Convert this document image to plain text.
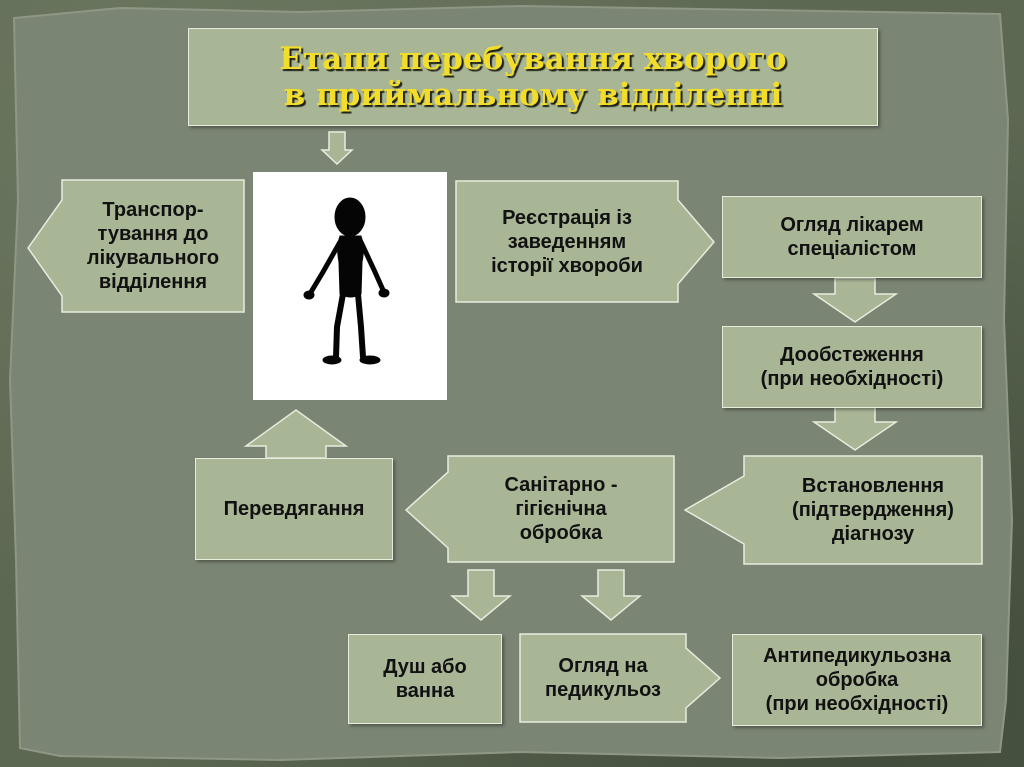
Етапи перебування хворого
в приймальному відділенні
Транспор-
тування до
лікувального
відділення
Реєстрація із
заведенням
історії хвороби
Огляд лікарем
спеціалістом
Дообстеження
(при необхідності)
Встановлення
(підтвердження)
діагнозу
Санітарно -
гігієнічна
обробка
Перевдягання
Душ або
ванна
Огляд на
педикульоз
Антипедикульозна
обробка
(при необхідності)
